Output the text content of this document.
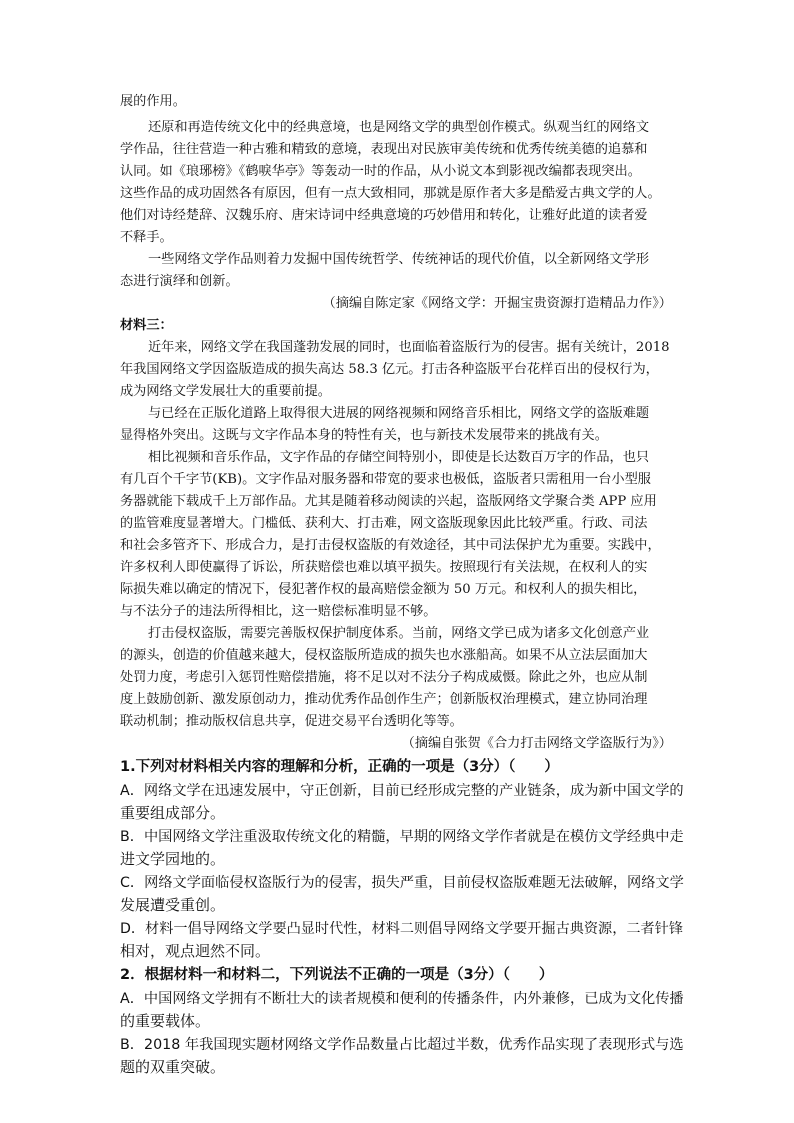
展的作用。
还原和再造传统文化中的经典意境，也是网络文学的典型创作模式。纵观当红的网络文
学作品，往往营造一种古雅和精致的意境，表现出对民族审美传统和优秀传统美德的追慕和
认同。如《琅琊榜》《鹤唳华亭》等轰动一时的作品，从小说文本到影视改编都表现突出。
这些作品的成功固然各有原因，但有一点大致相同，那就是原作者大多是酷爱古典文学的人。
他们对诗经楚辞、汉魏乐府、唐宋诗词中经典意境的巧妙借用和转化，让雅好此道的读者爱
不释手。
一些网络文学作品则着力发掘中国传统哲学、传统神话的现代价值，以全新网络文学形
态进行演绎和创新。
（摘编自陈定家《网络文学：开掘宝贵资源打造精品力作》）
材料三：
近年来，网络文学在我国蓬勃发展的同时，也面临着盗版行为的侵害。据有关统计，2018
年我国网络文学因盗版造成的损失高达 58.3 亿元。打击各种盗版平台花样百出的侵权行为，
成为网络文学发展壮大的重要前提。
与已经在正版化道路上取得很大进展的网络视频和网络音乐相比，网络文学的盗版难题
显得格外突出。这既与文字作品本身的特性有关，也与新技术发展带来的挑战有关。
相比视频和音乐作品，文字作品的存储空间特别小，即使是长达数百万字的作品，也只
有几百个千字节(KB)。文字作品对服务器和带宽的要求也极低，盗版者只需租用一台小型服
务器就能下载成千上万部作品。尤其是随着移动阅读的兴起，盗版网络文学聚合类 APP 应用
的监管难度显著增大。门槛低、获利大、打击难，网文盗版现象因此比较严重。行政、司法
和社会多管齐下、形成合力，是打击侵权盗版的有效途径，其中司法保护尤为重要。实践中，
许多权利人即使赢得了诉讼，所获赔偿也难以填平损失。按照现行有关法规，在权利人的实
际损失难以确定的情况下，侵犯著作权的最高赔偿金额为 50 万元。和权利人的损失相比，
与不法分子的违法所得相比，这一赔偿标准明显不够。
打击侵权盗版，需要完善版权保护制度体系。当前，网络文学已成为诸多文化创意产业
的源头，创造的价值越来越大，侵权盗版所造成的损失也水涨船高。如果不从立法层面加大
处罚力度，考虑引入惩罚性赔偿措施，将不足以对不法分子构成威慑。除此之外，也应从制
度上鼓励创新、激发原创动力，推动优秀作品创作生产；创新版权治理模式，建立协同治理
联动机制；推动版权信息共享，促进交易平台透明化等等。
（摘编自张贺《合力打击网络文学盗版行为》）
1.下列对材料相关内容的理解和分析，正确的一项是（3分）（　　）
A．网络文学在迅速发展中，守正创新，目前已经形成完整的产业链条，成为新中国文学的
重要组成部分。
B．中国网络文学注重汲取传统文化的精髓，早期的网络文学作者就是在模仿文学经典中走
进文学园地的。
C．网络文学面临侵权盗版行为的侵害，损失严重，目前侵权盗版难题无法破解，网络文学
发展遭受重创。
D．材料一倡导网络文学要凸显时代性，材料二则倡导网络文学要开掘古典资源，二者针锋
相对，观点迥然不同。
2．根据材料一和材料二，下列说法不正确的一项是（3分）（　　）
A．中国网络文学拥有不断壮大的读者规模和便利的传播条件，内外兼修，已成为文化传播
的重要载体。
B．2018 年我国现实题材网络文学作品数量占比超过半数，优秀作品实现了表现形式与选
题的双重突破。
